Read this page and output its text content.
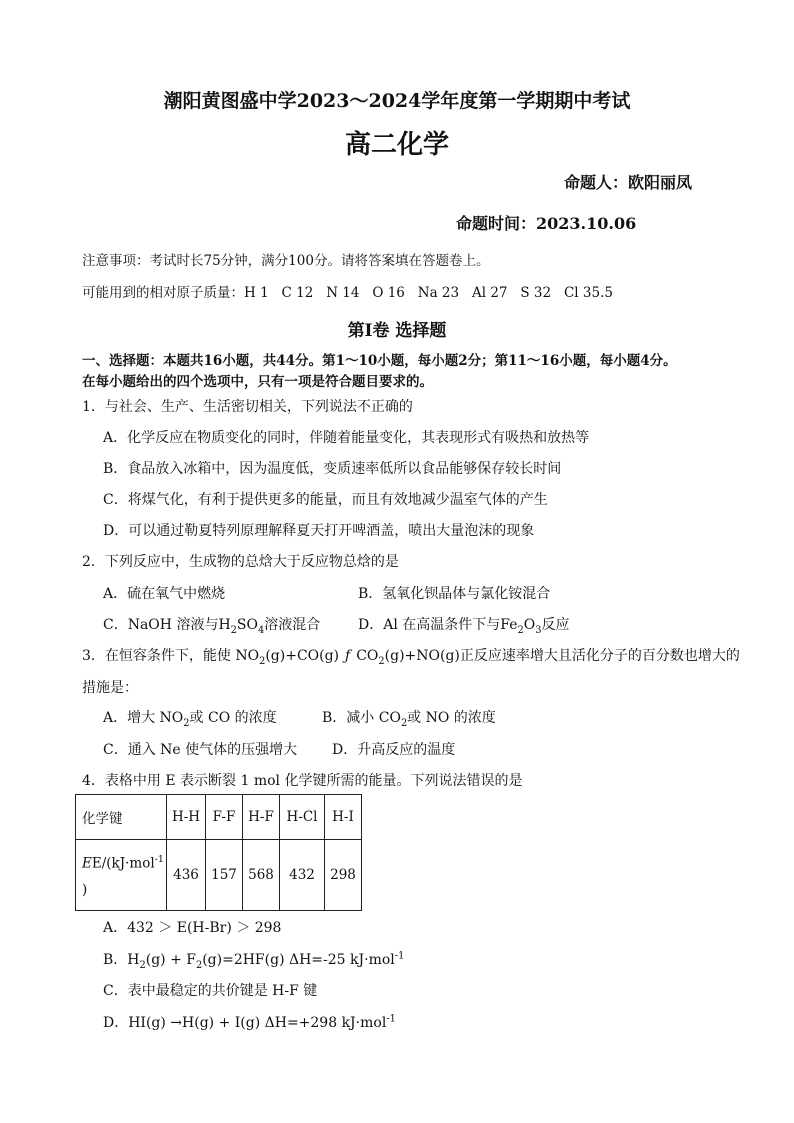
潮阳黄图盛中学2023～2024学年度第一学期期中考试
高二化学
命题人：欧阳丽凤
命题时间：2023.10.06
注意事项：考试时长75分钟，满分100分。请将答案填在答题卷上。
可能用到的相对原子质量：H 1   C 12   N 14   O 16   Na 23   Al 27   S 32   Cl 35.5
第Ⅰ卷 选择题
一、选择题：本题共16小题，共44分。第1～10小题，每小题2分；第11～16小题，每小题4分。
在每小题给出的四个选项中，只有一项是符合题目要求的。
1．与社会、生产、生活密切相关，下列说法不正确的
A．化学反应在物质变化的同时，伴随着能量变化，其表现形式有吸热和放热等
B．食品放入冰箱中，因为温度低，变质速率低所以食品能够保存较长时间
C．将煤气化，有利于提供更多的能量，而且有效地减少温室气体的产生
D．可以通过勒夏特列原理解释夏天打开啤酒盖，喷出大量泡沫的现象
2．下列反应中，生成物的总焓大于反应物总焓的是
A．硫在氧气中燃烧	B．氢氧化钡晶体与氯化铵混合
C．NaOH 溶液与$H_2SO_4$溶液混合	D．Al 在高温条件下与$Fe_2O_3$反应
3．在恒容条件下，能使 $NO_2(g)+CO(g)$ ƒ $CO_2(g)+NO(g)$正反应速率增大且活化分子的百分数也增大的
措施是：
A．增大 $NO_2$或 CO 的浓度	B．减小 $CO_2$或 NO 的浓度
C．通入 Ne 使气体的压强增大 D．升高反应的温度
4．表格中用 E 表示断裂 1 mol 化学键所需的能量。下列说法错误的是
化学键	H-H	F-F	H-F	H-Cl	H-I
EE/(kJ·mol$^{-1}$
)	436	157	568	432	298
A．432 ＞ E(H-Br) ＞ 298
B．$H_2(g) + F_2(g)=2HF(g)$ ΔH=-25 kJ·mol$^{-1}$
C．表中最稳定的共价键是 H-F 键
D．HI(g) →H(g) + I(g) ΔH=+298 kJ·mol$^{-1}$
